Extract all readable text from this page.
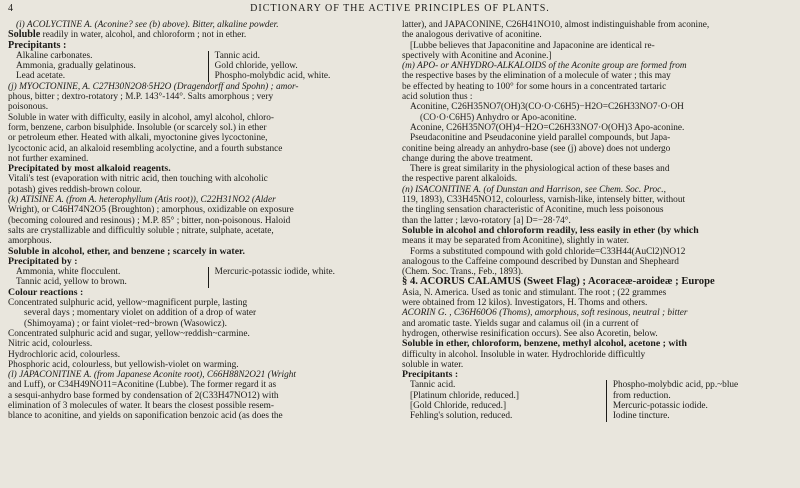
4	DICTIONARY OF THE ACTIVE PRINCIPLES OF PLANTS.

(i) ACOLYCTINE A. (Aconine? see (b) above). Bitter, alkaline powder.

Soluble readily in water, alcohol, and chloroform ; not in ether.

Precipitants :

Alkaline carbonates.
Ammonia, gradually gelatinous.
Lead acetate.
Tannic acid.
Gold chloride, yellow.
Phospho-molybdic acid, white.

(j) MYOCTONINE, A. C27H30N2O8·5H2O (Dragendorff and Spohn) ; amor-
phous, bitter ; dextro-rotatory ; M.P. 143°-144°. Salts amorphous ; very
poisonous.

Soluble in water with difficulty, easily in alcohol, amyl alcohol, chloro-
form, benzene, carbon bisulphide. Insoluble (or scarcely sol.) in ether
or petroleum ether. Heated with alkali, myoctonine gives lycoctonine,
lycoctonic acid, an alkaloid resembling acolyctine, and a fourth substance
not further examined.

Precipitated by most alkaloid reagents.

Vitali's test (evaporation with nitric acid, then touching with alcoholic
potash) gives reddish-brown colour.

(k) ATISINE A. (from A. heterophyllum (Atis root)), C22H31NO2 (Alder
Wright), or C46H74N2O5 (Broughton) ; amorphous, oxidizable on exposure
(becoming coloured and resinous) ; M.P. 85° ; bitter, non-poisonous. Haloid
salts are crystallizable and difficultly soluble ; nitrate, sulphate, acetate,
amorphous.

Soluble in alcohol, ether, and benzene ; scarcely in water.

Precipitated by :

Ammonia, white flocculent.
Tannic acid, yellow to brown.
Mercuric-potassic iodide, white.

Colour reactions :

Concentrated sulphuric acid, yellow~magnificent purple, lasting
several days ; momentary violet on addition of a drop of water
(Shimoyama) ; or faint violet~red~brown (Wasowicz).
Concentrated sulphuric acid and sugar, yellow~reddish~carmine.
Nitric acid, colourless.
Hydrochloric acid, colourless.
Phosphoric acid, colourless, but yellowish-violet on warming.

(l) JAPACONITINE A. (from Japanese Aconite root), C66H88N2O21 (Wright
and Luff), or C34H49NO11=Aconitine (Lubbe). The former regard it as
a sesqui-anhydro base formed by condensation of 2(C33H47NO12) with
elimination of 3 molecules of water. It bears the closest possible resem-
blance to aconitine, and yields on saponification benzoic acid (as does the

latter), and JAPACONINE, C26H41NO10, almost indistinguishable from aconine,
the analogous derivative of aconitine.

[Lubbe believes that Japaconitine and Japaconine are identical re-
spectively with Aconitine and Aconine.]

(m) APO- or ANHYDRO-ALKALOIDS of the Aconite group are formed from
the respective bases by the elimination of a molecule of water ; this may
be effected by heating to 100° for some hours in a concentrated tartaric
acid solution thus :

Aconitine, C26H35NO7(OH)3(CO·O·C6H5)−H2O=C26H33NO7·O·OH
(CO·O·C6H5) Anhydro or Apo-aconitine.
Aconine, C26H35NO7(OH)4−H2O=C26H33NO7·O(OH)3 Apo-aconine.

Pseudaconitine and Pseudaconine yield parallel compounds, but Japa-
conitine being already an anhydro-base (see (j) above) does not undergo
change during the above treatment.

There is great similarity in the physiological action of these bases and
the respective parent alkaloids.

(n) ISACONITINE A. (of Dunstan and Harrison, see Chem. Soc. Proc.,
119, 1893), C33H45NO12, colourless, varnish-like, intensely bitter, without
the tingling sensation characteristic of Aconitine, much less poisonous
than the latter ; lævo-rotatory [a] D=−28·74°.

Soluble in alcohol and chloroform readily, less easily in ether (by which
means it may be separated from Aconitine), slightly in water.

Forms a substituted compound with gold chloride=C33H44(AuCl2)NO12
analogous to the Caffeine compound described by Dunstan and Shepheard
(Chem. Soc. Trans., Feb., 1893).

§ 4. ACORUS CALAMUS (Sweet Flag) ; Acoraceæ-aroideæ ; Europe
Asia, N. America. Used as tonic and stimulant. The root ; (22 grammes
were obtained from 12 kilos). Investigators, H. Thoms and others.

ACORIN G. , C36H60O6 (Thoms), amorphous, soft resinous, neutral ; bitter
and aromatic taste. Yields sugar and calamus oil (in a current of
hydrogen, otherwise resinification occurs). See also Acoretin, below.

Soluble in ether, chloroform, benzene, methyl alcohol, acetone ; with
difficulty in alcohol. Insoluble in water. Hydrochloride difficultly
soluble in water.

Precipitants :

Tannic acid.
[Platinum chloride, reduced.]
[Gold Chloride, reduced.]
Fehling's solution, reduced.
Phospho-molybdic acid, pp.~blue
from reduction.
Mercuric-potassic iodide.
Iodine tincture.
